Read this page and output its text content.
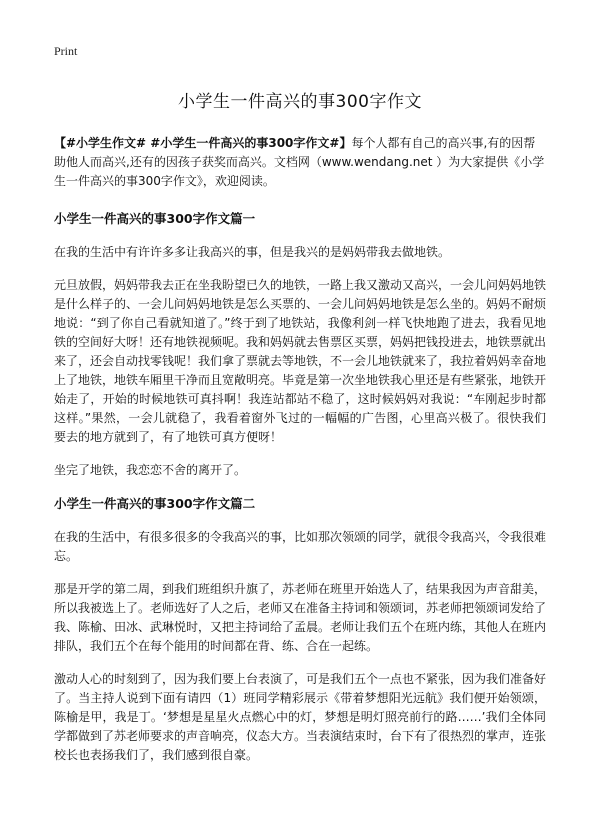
Print
小学生一件高兴的事300字作文

【#小学生作文# #小学生一件高兴的事300字作文#】每个人都有自己的高兴事,有的因帮助他人而高兴,还有的因孩子获奖而高兴。文档网（www.wendang.net ）为大家提供《小学生一件高兴的事300字作文》，欢迎阅读。

小学生一件高兴的事300字作文篇一

在我的生活中有许许多多让我高兴的事，但是我兴的是妈妈带我去做地铁。

元旦放假，妈妈带我去正在坐我盼望已久的地铁，一路上我又激动又高兴，一会儿问妈妈地铁是什么样子的、一会儿问妈妈地铁是怎么买票的、一会儿问妈妈地铁是怎么坐的。妈妈不耐烦地说：“到了你自己看就知道了。”终于到了地铁站，我像利剑一样飞快地跑了进去，我看见地铁的空间好大呀！还有地铁视频呢。我和妈妈就去售票区买票，妈妈把钱投进去，地铁票就出来了，还会自动找零钱呢！我们拿了票就去等地铁，不一会儿地铁就来了，我拉着妈妈幸奋地上了地铁，地铁车厢里干净而且宽敞明亮。毕竟是第一次坐地铁我心里还是有些紧张，地铁开始走了，开始的时候地铁可真抖啊！我连站都站不稳了，这时候妈妈对我说：“车刚起步时都这样。”果然，一会儿就稳了，我看着窗外飞过的一幅幅的广告图，心里高兴极了。很快我们要去的地方就到了，有了地铁可真方便呀！

坐完了地铁，我恋恋不舍的离开了。

小学生一件高兴的事300字作文篇二

在我的生活中，有很多很多的令我高兴的事，比如那次领颂的同学，就很令我高兴，令我很难忘。

那是开学的第二周，到我们班组织升旗了，苏老师在班里开始选人了，结果我因为声音甜美，所以我被选上了。老师选好了人之后，老师又在准备主持词和领颂词，苏老师把领颂词发给了我、陈榆、田冰、武琳悦时，又把主持词给了孟晨。老师让我们五个在班内练，其他人在班内排队，我们五个在每个能用的时间都在背、练、合在一起练。

激动人心的时刻到了，因为我们要上台表演了，可是我们五个一点也不紧张，因为我们准备好了。当主持人说到下面有请四（1）班同学精彩展示《带着梦想阳光远航》我们便开始领颂，陈榆是甲，我是丁。‘梦想是星星火点燃心中的灯，梦想是明灯照亮前行的路……’我们全体同学都做到了苏老师要求的声音响亮，仪态大方。当表演结束时，台下有了很热烈的掌声，连张校长也表扬我们了，我们感到很自豪。
